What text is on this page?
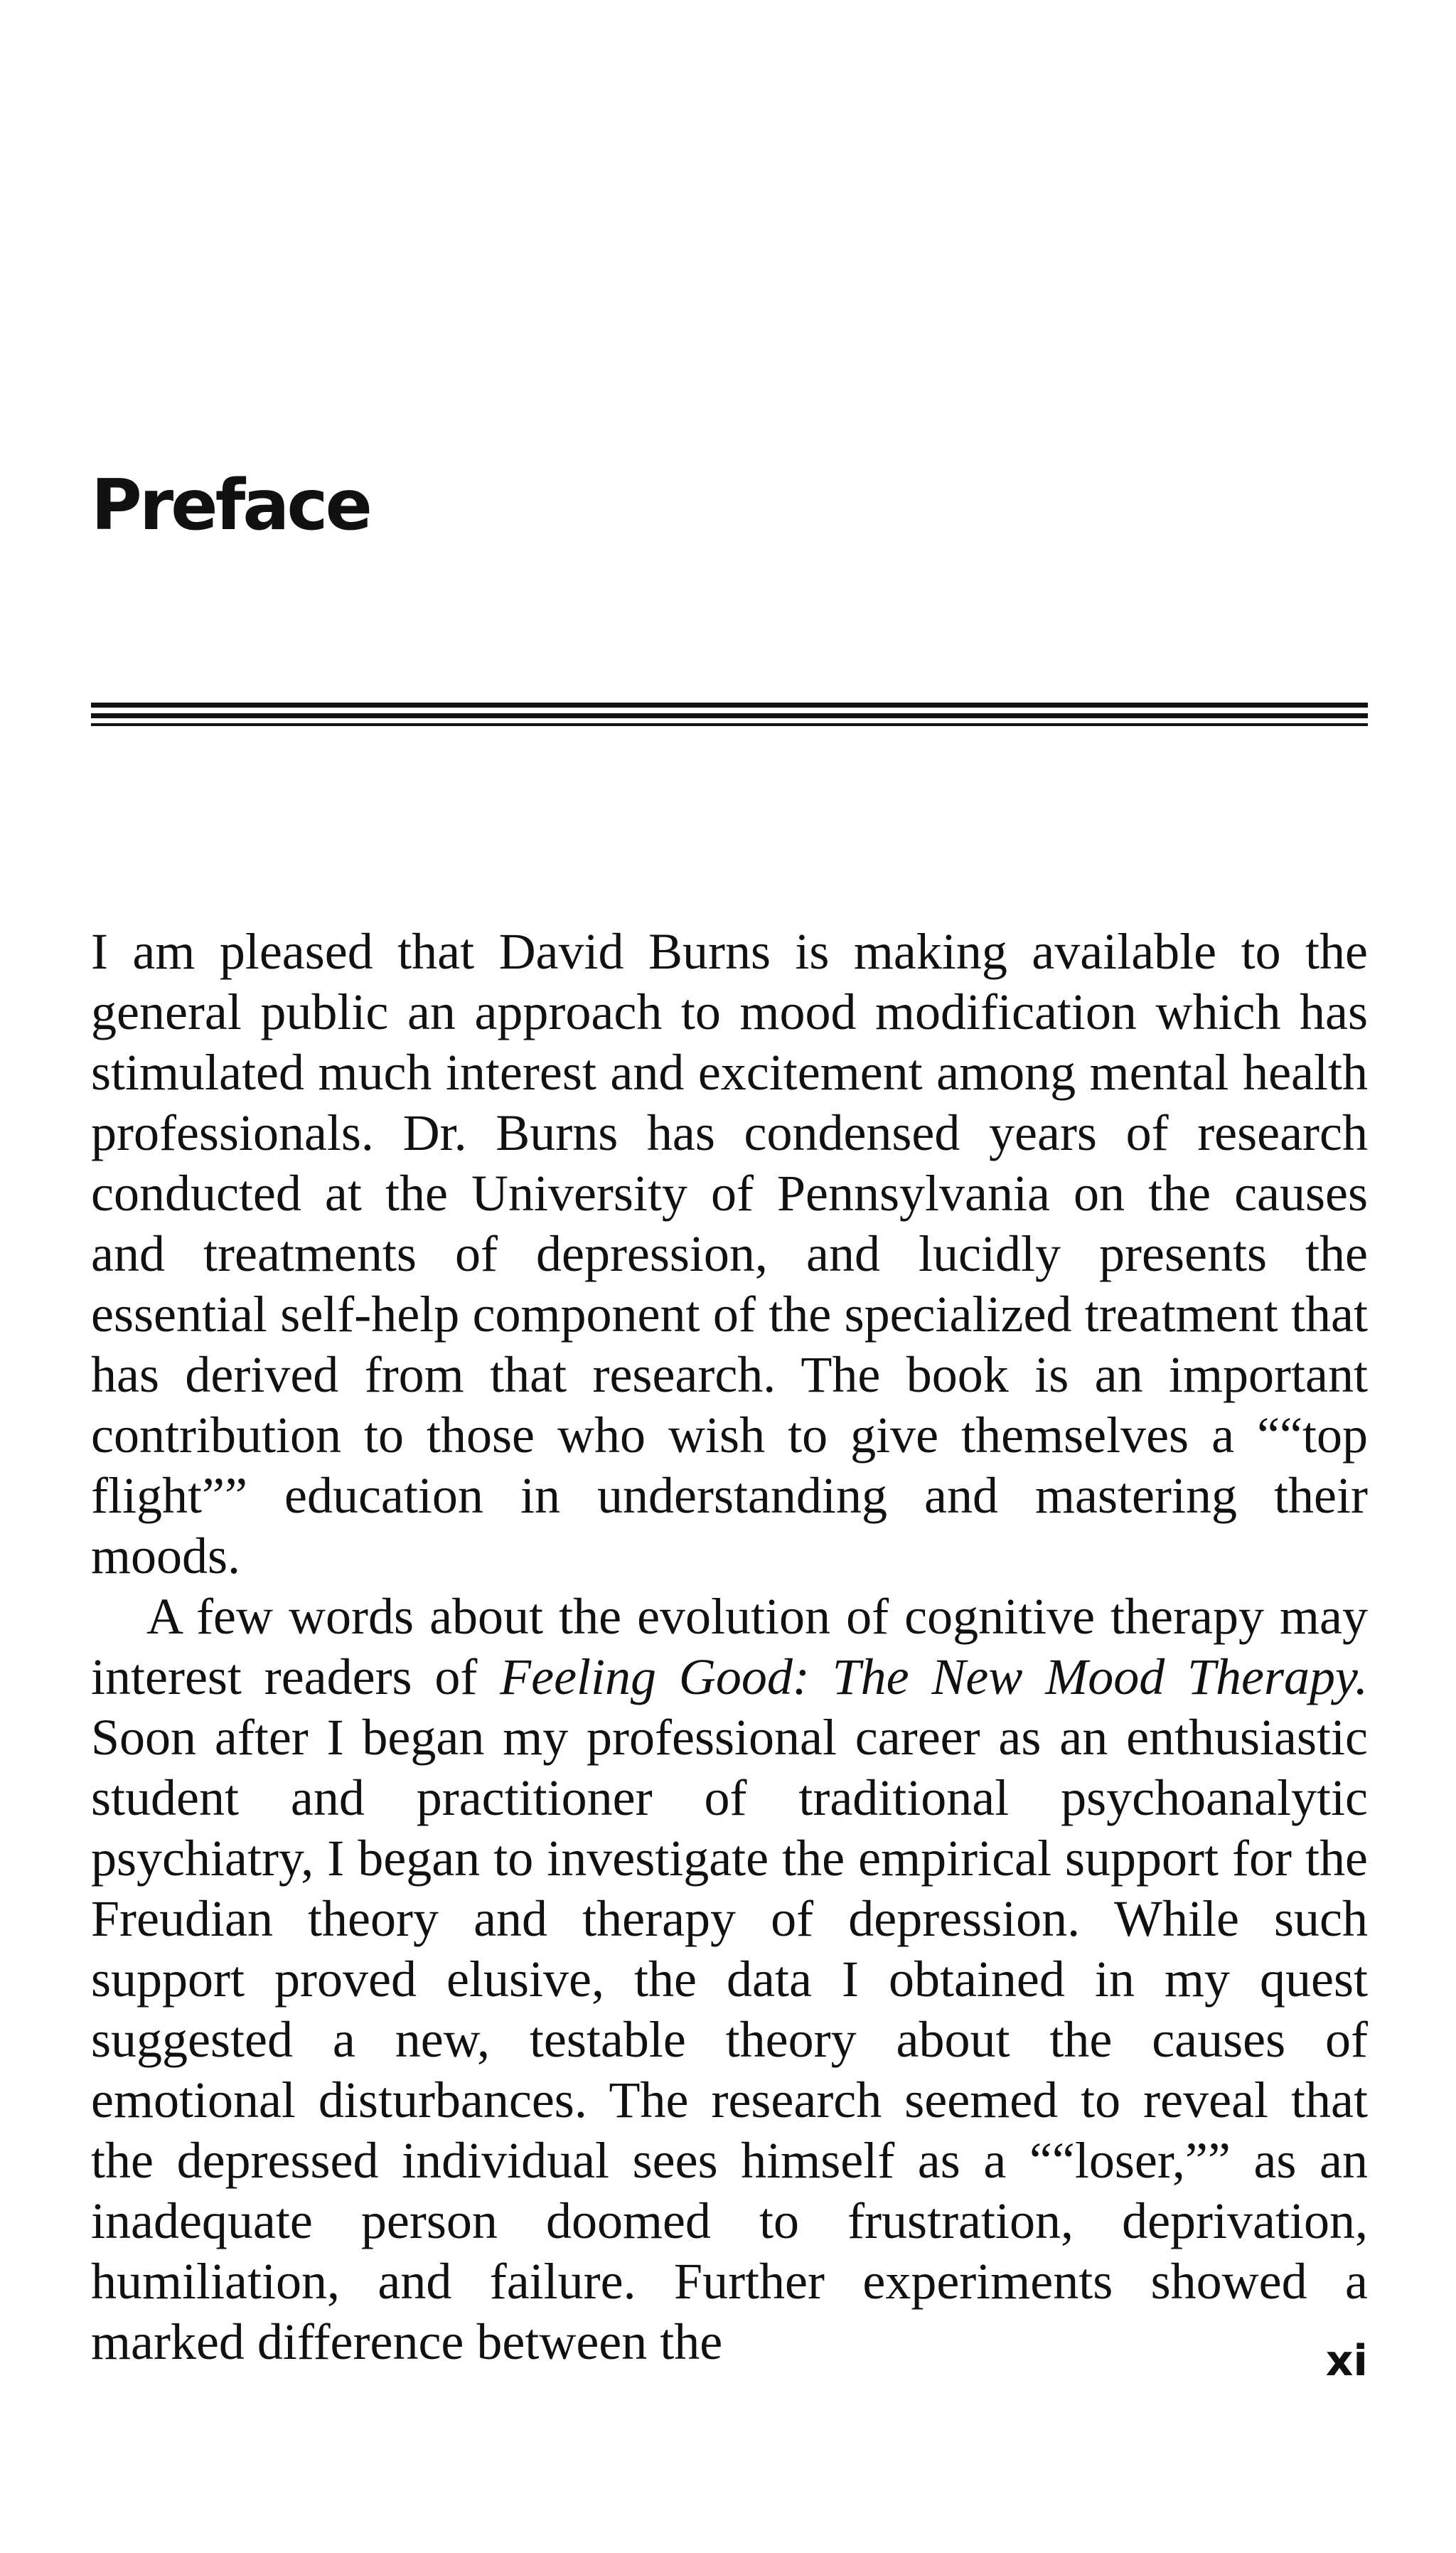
Preface

I am pleased that David Burns is making available to the general public an approach to mood modification which has stimulated much interest and excitement among mental health professionals. Dr. Burns has condensed years of research conducted at the University of Pennsylvania on the causes and treatments of depression, and lucidly presents the essential self-help component of the specialized treatment that has derived from that research. The book is an important contribution to those who wish to give themselves a ““top flight”” education in understanding and mastering their moods.

A few words about the evolution of cognitive therapy may interest readers of Feeling Good: The New Mood Therapy. Soon after I began my professional career as an enthusiastic student and practitioner of traditional psychoanalytic psychiatry, I began to investigate the empirical support for the Freudian theory and therapy of depression. While such support proved elusive, the data I obtained in my quest suggested a new, testable theory about the causes of emotional disturbances. The research seemed to reveal that the depressed individual sees himself as a ““loser,”” as an inadequate person doomed to frustration, deprivation, humiliation, and failure. Further experiments showed a marked difference between the	xi
